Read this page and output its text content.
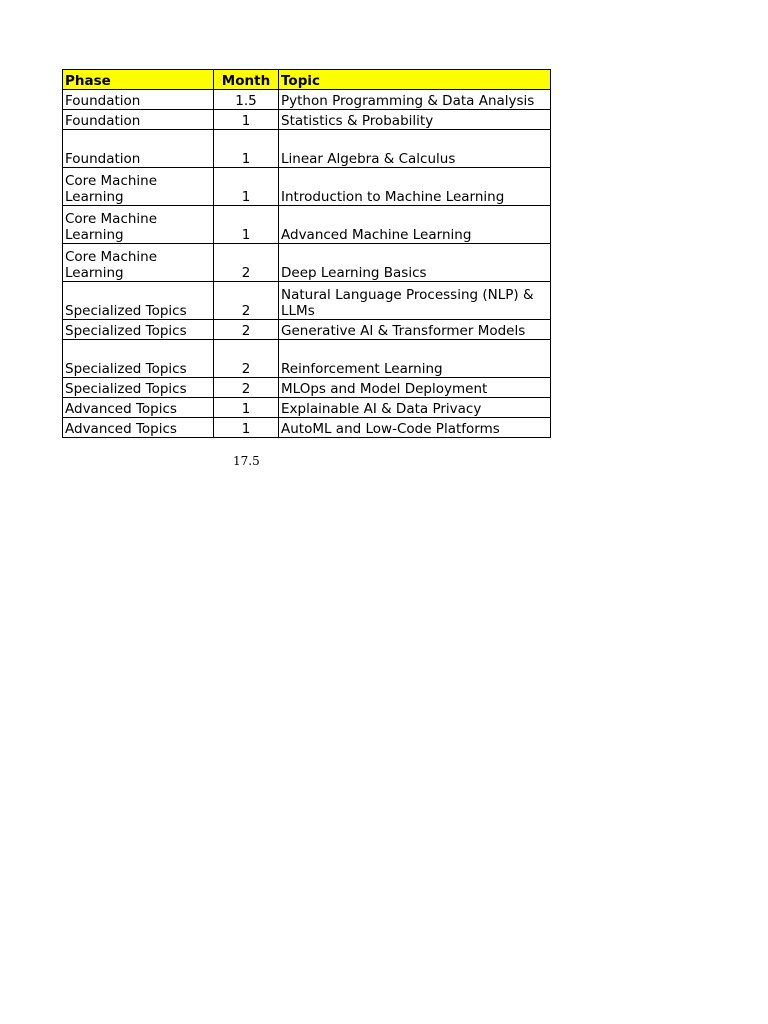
Phase	Month	Topic
Foundation	1.5	Python Programming & Data Analysis
Foundation	1	Statistics & Probability
Foundation	1	Linear Algebra & Calculus
Core Machine Learning	1	Introduction to Machine Learning
Core Machine Learning	1	Advanced Machine Learning
Core Machine Learning	2	Deep Learning Basics
Specialized Topics	2	Natural Language Processing (NLP) & LLMs
Specialized Topics	2	Generative AI & Transformer Models
Specialized Topics	2	Reinforcement Learning
Specialized Topics	2	MLOps and Model Deployment
Advanced Topics	1	Explainable AI & Data Privacy
Advanced Topics	1	AutoML and Low-Code Platforms
17.5
